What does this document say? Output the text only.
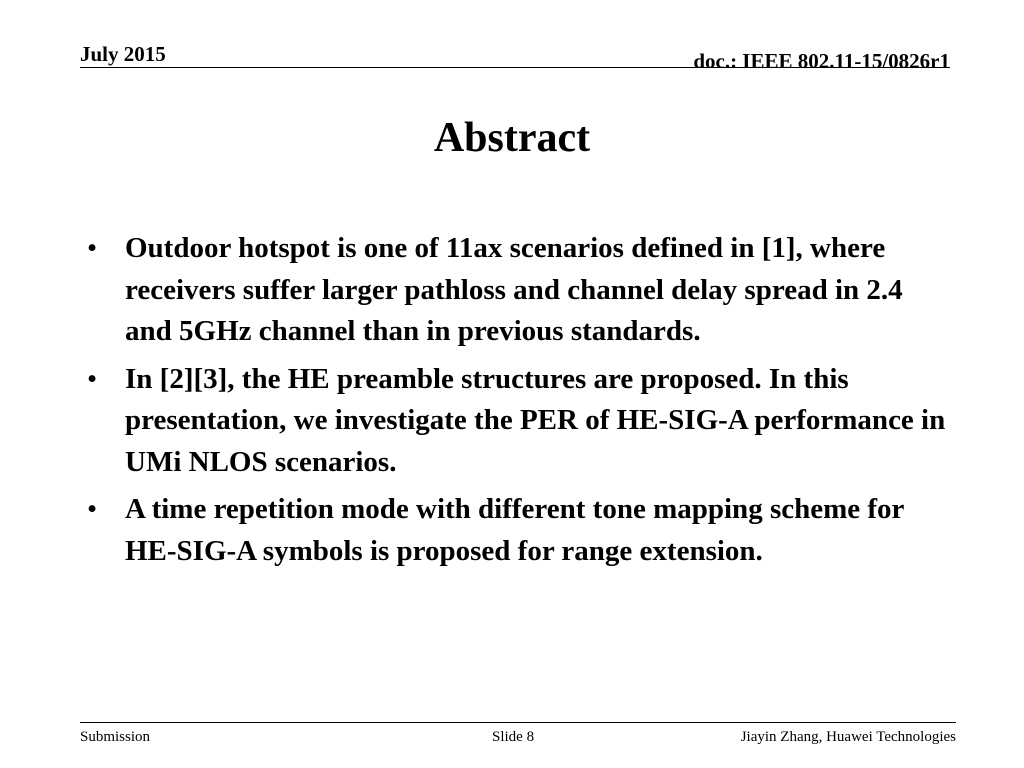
July 2015	doc.: IEEE 802.11-15/0826r1
Abstract
• Outdoor hotspot is one of 11ax scenarios defined in [1], where receivers suffer larger pathloss and channel delay spread in 2.4 and 5GHz channel than in previous standards.
• In [2][3], the HE preamble structures are proposed. In this presentation, we investigate the PER of HE-SIG-A performance in UMi NLOS scenarios.
• A time repetition mode with different tone mapping scheme for HE-SIG-A symbols is proposed for range extension.
Submission	Slide 8	Jiayin Zhang, Huawei Technologies
